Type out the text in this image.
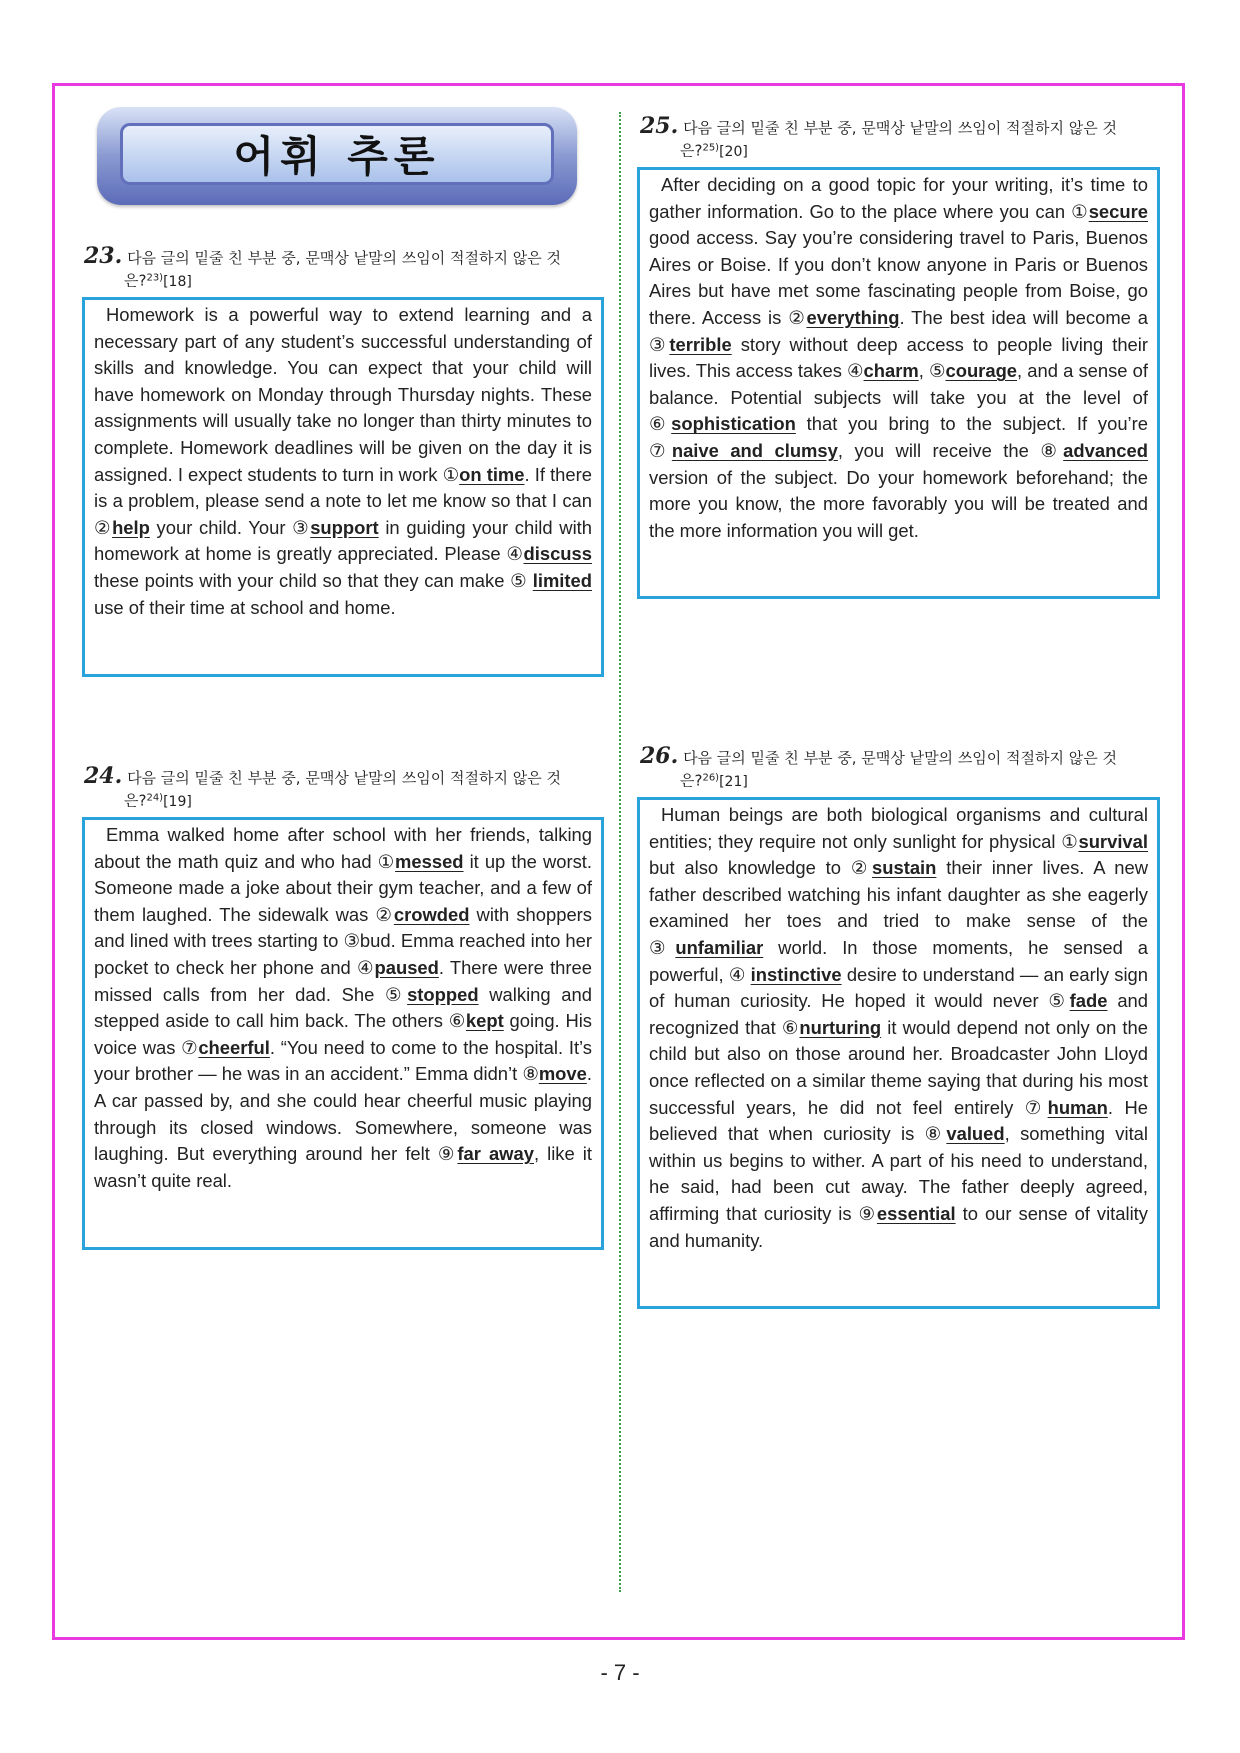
어휘 추론
23. 다음 글의 밑줄 친 부분 중, 문맥상 낱말의 쓰임이 적절하지 않은 것
은?$^{23)}$[18]

Homework is a powerful way to extend learning and a necessary part of any student’s successful understanding of skills and knowledge. You can expect that your child will have homework on Monday through Thursday nights. These assignments will usually take no longer than thirty minutes to complete. Homework deadlines will be given on the day it is assigned. I expect students to turn in work ①on time. If there is a problem, please send a note to let me know so that I can ②help your child. Your ③support in guiding your child with homework at home is greatly appreciated. Please ④discuss these points with your child so that they can make ⑤ limited use of their time at school and home.

24. 다음 글의 밑줄 친 부분 중, 문맥상 낱말의 쓰임이 적절하지 않은 것
은?$^{24)}$[19]

Emma walked home after school with her friends, talking about the math quiz and who had ①messed it up the worst. Someone made a joke about their gym teacher, and a few of them laughed. The sidewalk was ②crowded with shoppers and lined with trees starting to ③bud. Emma reached into her pocket to check her phone and ④paused. There were three missed calls from her dad. She ⑤stopped walking and stepped aside to call him back. The others ⑥kept going. His voice was ⑦cheerful. “You need to come to the hospital. It’s your brother — he was in an accident.” Emma didn’t ⑧move. A car passed by, and she could hear cheerful music playing through its closed windows. Somewhere, someone was laughing. But everything around her felt ⑨far away, like it wasn’t quite real.

25. 다음 글의 밑줄 친 부분 중, 문맥상 낱말의 쓰임이 적절하지 않은 것
은?$^{25)}$[20]

After deciding on a good topic for your writing, it’s time to gather information. Go to the place where you can ①secure good access. Say you’re considering travel to Paris, Buenos Aires or Boise. If you don’t know anyone in Paris or Buenos Aires but have met some fascinating people from Boise, go there. Access is ②everything. The best idea will become a ③terrible story without deep access to people living their lives. This access takes ④charm, ⑤courage, and a sense of balance. Potential subjects will take you at the level of ⑥sophistication that you bring to the subject. If you’re ⑦naive and clumsy, you will receive the ⑧advanced version of the subject. Do your homework beforehand; the more you know, the more favorably you will be treated and the more information you will get.

26. 다음 글의 밑줄 친 부분 중, 문맥상 낱말의 쓰임이 적절하지 않은 것
은?$^{26)}$[21]

Human beings are both biological organisms and cultural entities; they require not only sunlight for physical ①survival but also knowledge to ②sustain their inner lives. A new father described watching his infant daughter as she eagerly examined her toes and tried to make sense of the ③unfamiliar world. In those moments, he sensed a powerful, ④ instinctive desire to understand — an early sign of human curiosity. He hoped it would never ⑤fade and recognized that ⑥nurturing it would depend not only on the child but also on those around her. Broadcaster John Lloyd once reflected on a similar theme saying that during his most successful years, he did not feel entirely ⑦human. He believed that when curiosity is ⑧valued, something vital within us begins to wither. A part of his need to understand, he said, had been cut away. The father deeply agreed, affirming that curiosity is ⑨essential to our sense of vitality and humanity.

- 7 -
